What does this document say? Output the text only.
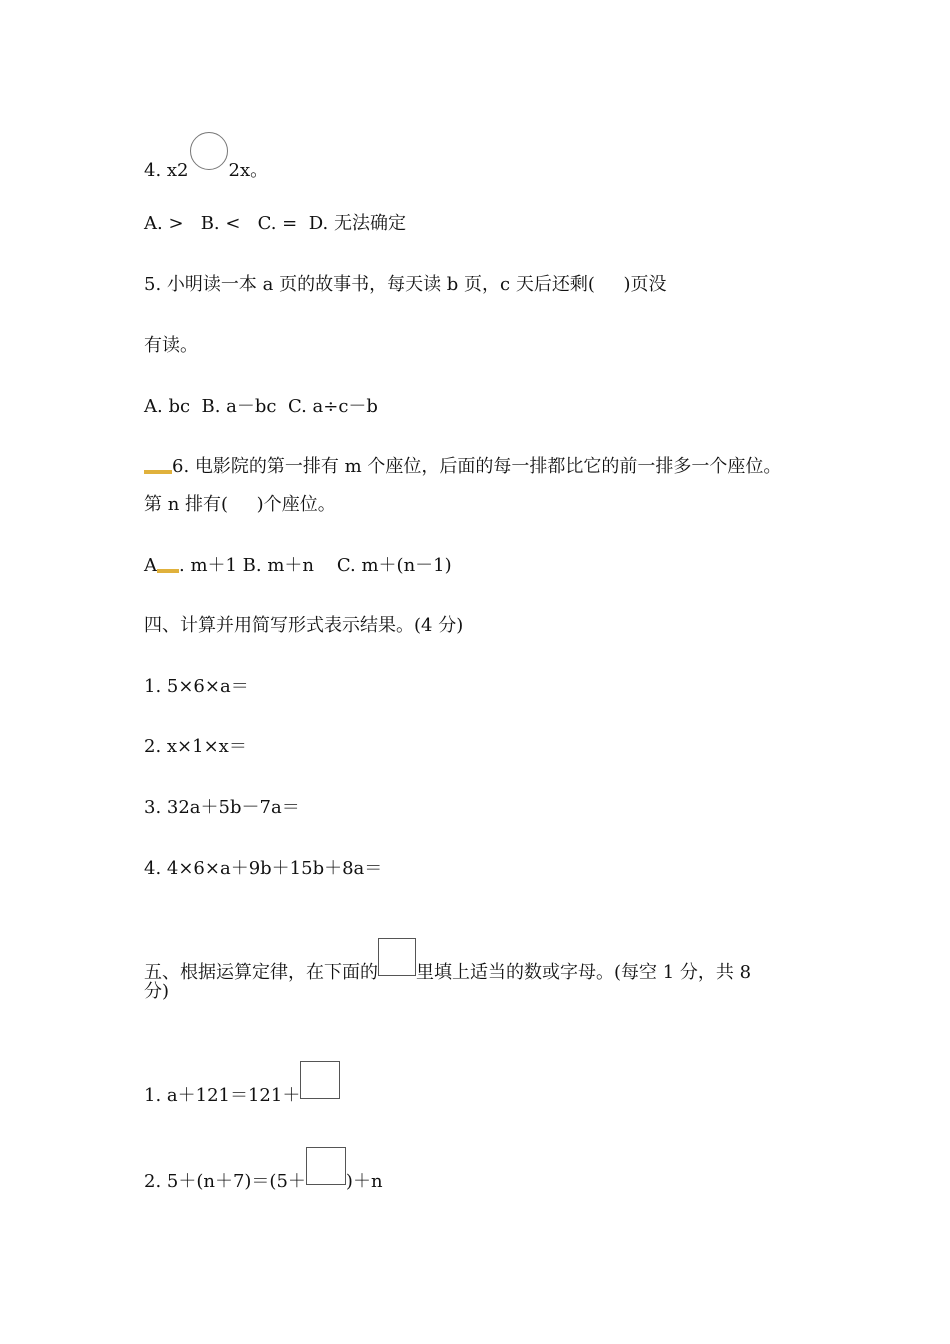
4. x2 2x。
A. >   B. <   C. =  D. 无法确定
5. 小明读一本 a 页的故事书，每天读 b 页，c 天后还剩(     )页没
有读。
A. bc  B. a－bc  C. a÷c－b
6. 电影院的第一排有 m 个座位，后面的每一排都比它的前一排多一个座位。
第 n 排有(     )个座位。
A . m＋1 B. m＋n    C. m＋(n－1)
四、计算并用简写形式表示结果。(4 分)
1. 5×6×a＝
2. x×1×x＝
3. 32a＋5b－7a＝
4. 4×6×a＋9b＋15b＋8a＝
五、根据运算定律，在下面的 里填上适当的数或字母。(每空 1 分，共 8
分)
1. a＋121＝121＋
2. 5＋(n＋7)＝(5＋ )＋n
